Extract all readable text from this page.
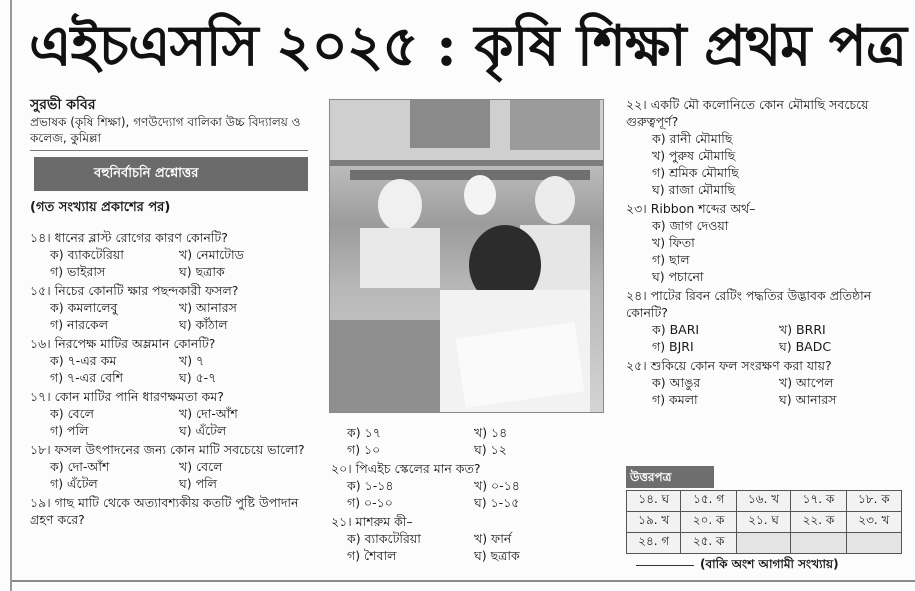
এইচএসসি ২০২৫ : কৃষি শিক্ষা প্রথম পত্র
সুরভী কবির
প্রভাষক (কৃষি শিক্ষা), গণউদ্যোগ বালিকা উচ্চ বিদ্যালয় ও কলেজ, কুমিল্লা
বহুনির্বাচনি প্রশ্নোত্তর
(গত সংখ্যায় প্রকাশের পর)
১৪। ধানের ব্লাস্ট রোগের কারণ কোনটি?
ক) ব্যাকটেরিয়া	খ) নেমাটোড
গ) ভাইরাস	ঘ) ছত্রাক
১৫। নিচের কোনটি ক্ষার পছন্দকারী ফসল?
ক) কমলালেবু	খ) আনারস
গ) নারকেল	ঘ) কাঁঠাল
১৬। নিরপেক্ষ মাটির অম্লমান কোনটি?
ক) ৭-এর কম	খ) ৭
গ) ৭-এর বেশি	ঘ) ৫-৭
১৭। কোন মাটির পানি ধারণক্ষমতা কম?
ক) বেলে	খ) দো-আঁশ
গ) পলি	ঘ) এঁটেল
১৮। ফসল উৎপাদনের জন্য কোন মাটি সবচেয়ে ভালো?
ক) দো-আঁশ	খ) বেলে
গ) এঁটেল	ঘ) পলি
১৯। গাছ মাটি থেকে অত্যাবশ্যকীয় কতটি পুষ্টি উপাদান গ্রহণ করে?
ক) ১৭	খ) ১৪
গ) ১০	ঘ) ১২
২০। পিএইচ স্কেলের মান কত?
ক) ১-১৪	খ) ০-১৪
গ) ০-১০	ঘ) ১-১৫
২১। মাশরুম কী–
ক) ব্যাকটেরিয়া	খ) ফার্ন
গ) শৈবাল	ঘ) ছত্রাক
২২। একটি মৌ কলোনিতে কোন মৌমাছি সবচেয়ে গুরুত্বপূর্ণ?
ক) রানী মৌমাছি
খ) পুরুষ মৌমাছি
গ) শ্রমিক মৌমাছি
ঘ) রাজা মৌমাছি
২৩। Ribbon শব্দের অর্থ–
ক) জাগ দেওয়া
খ) ফিতা
গ) ছাল
ঘ) পচানো
২৪। পাটের রিবন রেটিং পদ্ধতির উদ্ভাবক প্রতিষ্ঠান কোনটি?
ক) BARI	খ) BRRI
গ) BJRI	ঘ) BADC
২৫। শুকিয়ে কোন ফল সংরক্ষণ করা যায়?
ক) আঙুর	খ) আপেল
গ) কমলা	ঘ) আনারস
উত্তরপত্র
১৪. ঘ	১৫. গ	১৬. খ	১৭. ক	১৮. ক
১৯. খ	২০. ক	২১. ঘ	২২. ক	২৩. খ
২৪. গ	২৫. ক			
(বাকি অংশ আগামী সংখ্যায়)
